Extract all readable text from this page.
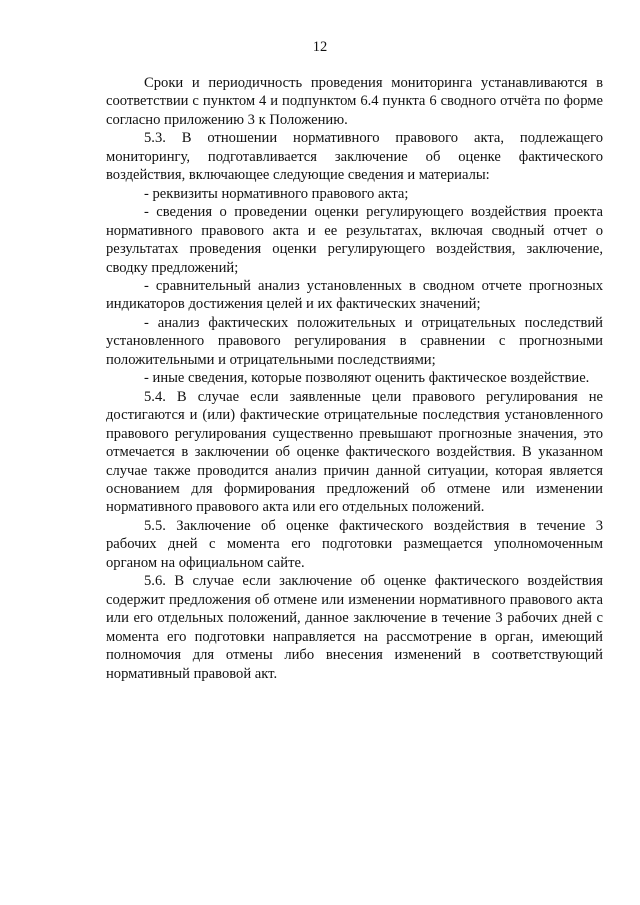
12

Сроки и периодичность проведения мониторинга устанавливаются в соответствии с пунктом 4 и подпунктом 6.4 пункта 6 сводного отчёта по форме согласно приложению 3 к Положению.

5.3. В отношении нормативного правового акта, подлежащего мониторингу, подготавливается заключение об оценке фактического воздействия, включающее следующие сведения и материалы:

- реквизиты нормативного правового акта;

- сведения о проведении оценки регулирующего воздействия проекта нормативного правового акта и ее результатах, включая сводный отчет о результатах проведения оценки регулирующего воздействия, заключение, сводку предложений;

- сравнительный анализ установленных в сводном отчете прогнозных индикаторов достижения целей и их фактических значений;

- анализ фактических положительных и отрицательных последствий установленного правового регулирования в сравнении с прогнозными положительными и отрицательными последствиями;

- иные сведения, которые позволяют оценить фактическое воздействие.

5.4. В случае если заявленные цели правового регулирования не достигаются и (или) фактические отрицательные последствия установленного правового регулирования существенно превышают прогнозные значения, это отмечается в заключении об оценке фактического воздействия. В указанном случае также проводится анализ причин данной ситуации, которая является основанием для формирования предложений об отмене или изменении нормативного правового акта или его отдельных положений.

5.5. Заключение об оценке фактического воздействия в течение 3 рабочих дней с момента его подготовки размещается уполномоченным органом на официальном сайте.

5.6. В случае если заключение об оценке фактического воздействия содержит предложения об отмене или изменении нормативного правового акта или его отдельных положений, данное заключение в течение 3 рабочих дней с момента его подготовки направляется на рассмотрение в орган, имеющий полномочия для отмены либо внесения изменений в соответствующий нормативный правовой акт.
